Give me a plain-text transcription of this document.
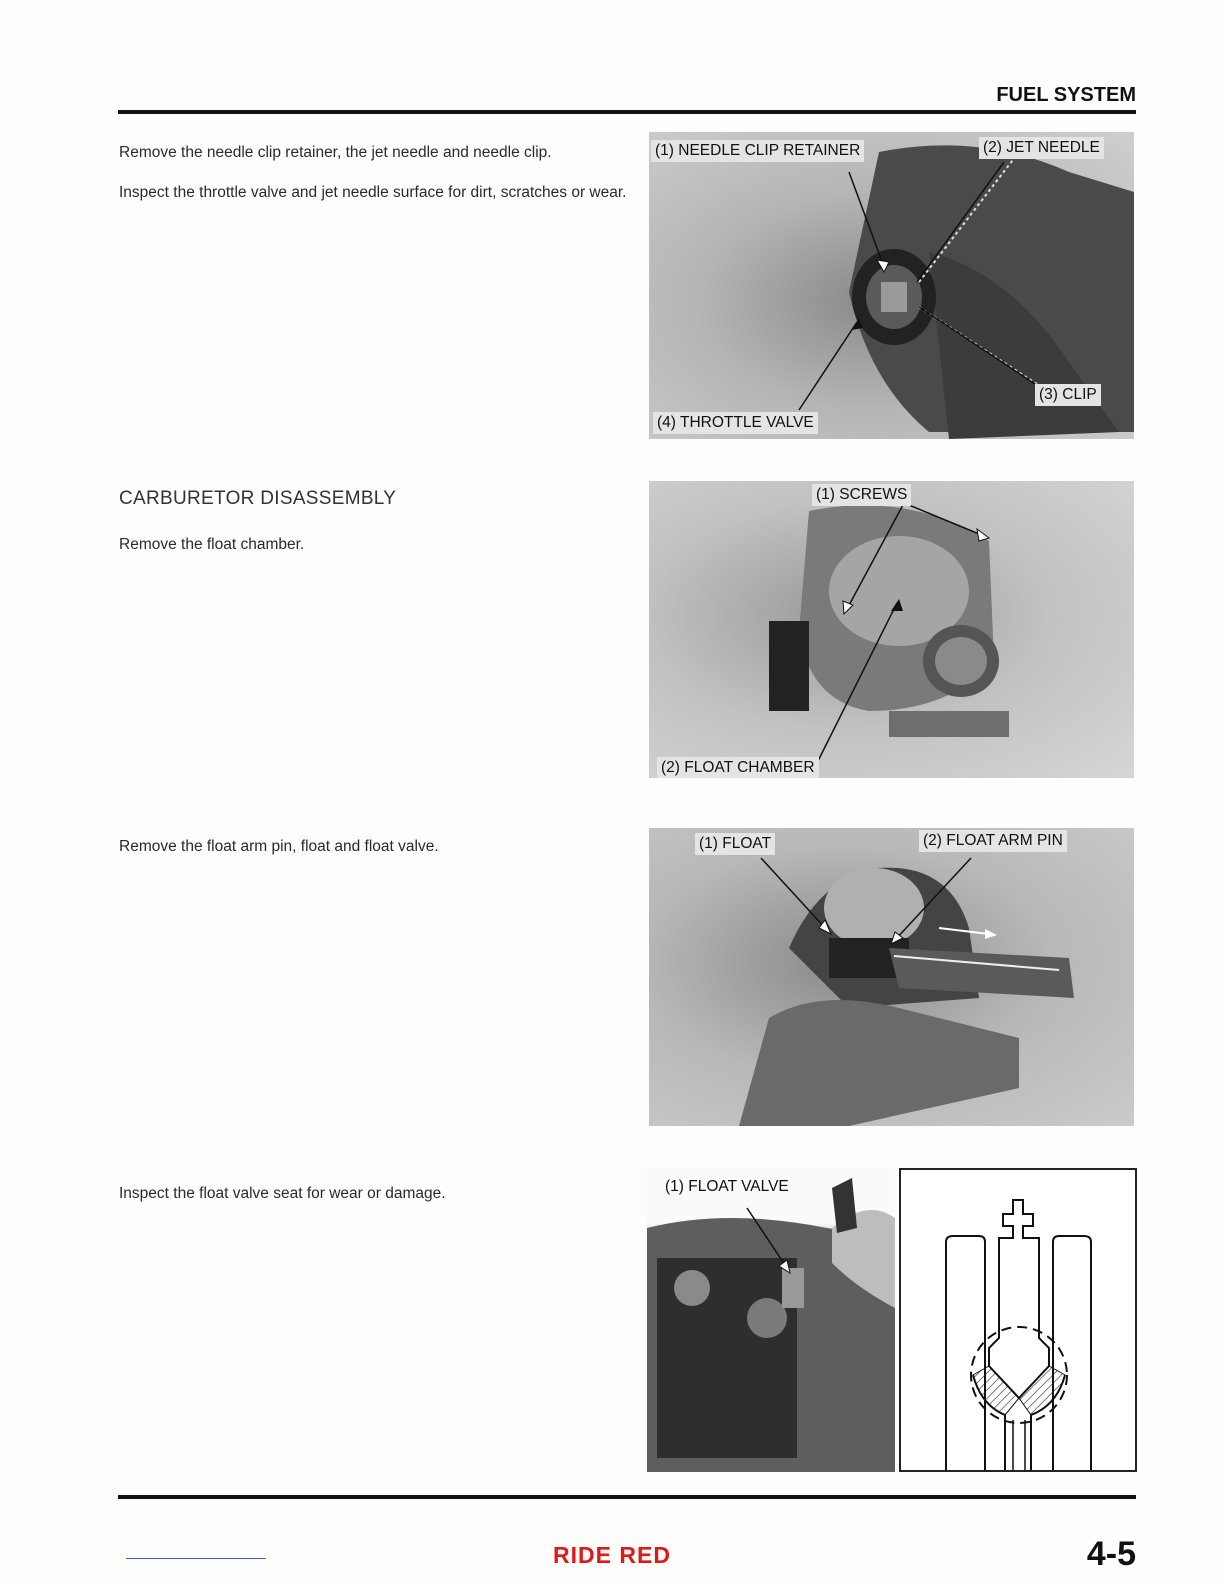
FUEL SYSTEM

Remove the needle clip retainer, the jet needle and needle clip.

Inspect the throttle valve and jet needle surface for dirt, scratches or wear.

(1) NEEDLE CLIP RETAINER	(2) JET NEEDLE
(3) CLIP
(4) THROTTLE VALVE
CARBURETOR DISASSEMBLY
Remove the float chamber.
(1) SCREWS
(2) FLOAT CHAMBER
Remove the float arm pin, float and float valve.	(1) FLOAT	(2) FLOAT ARM PIN
Inspect the float valve seat for wear or damage.	(1) FLOAT VALVE
RIDE RED	4-5
